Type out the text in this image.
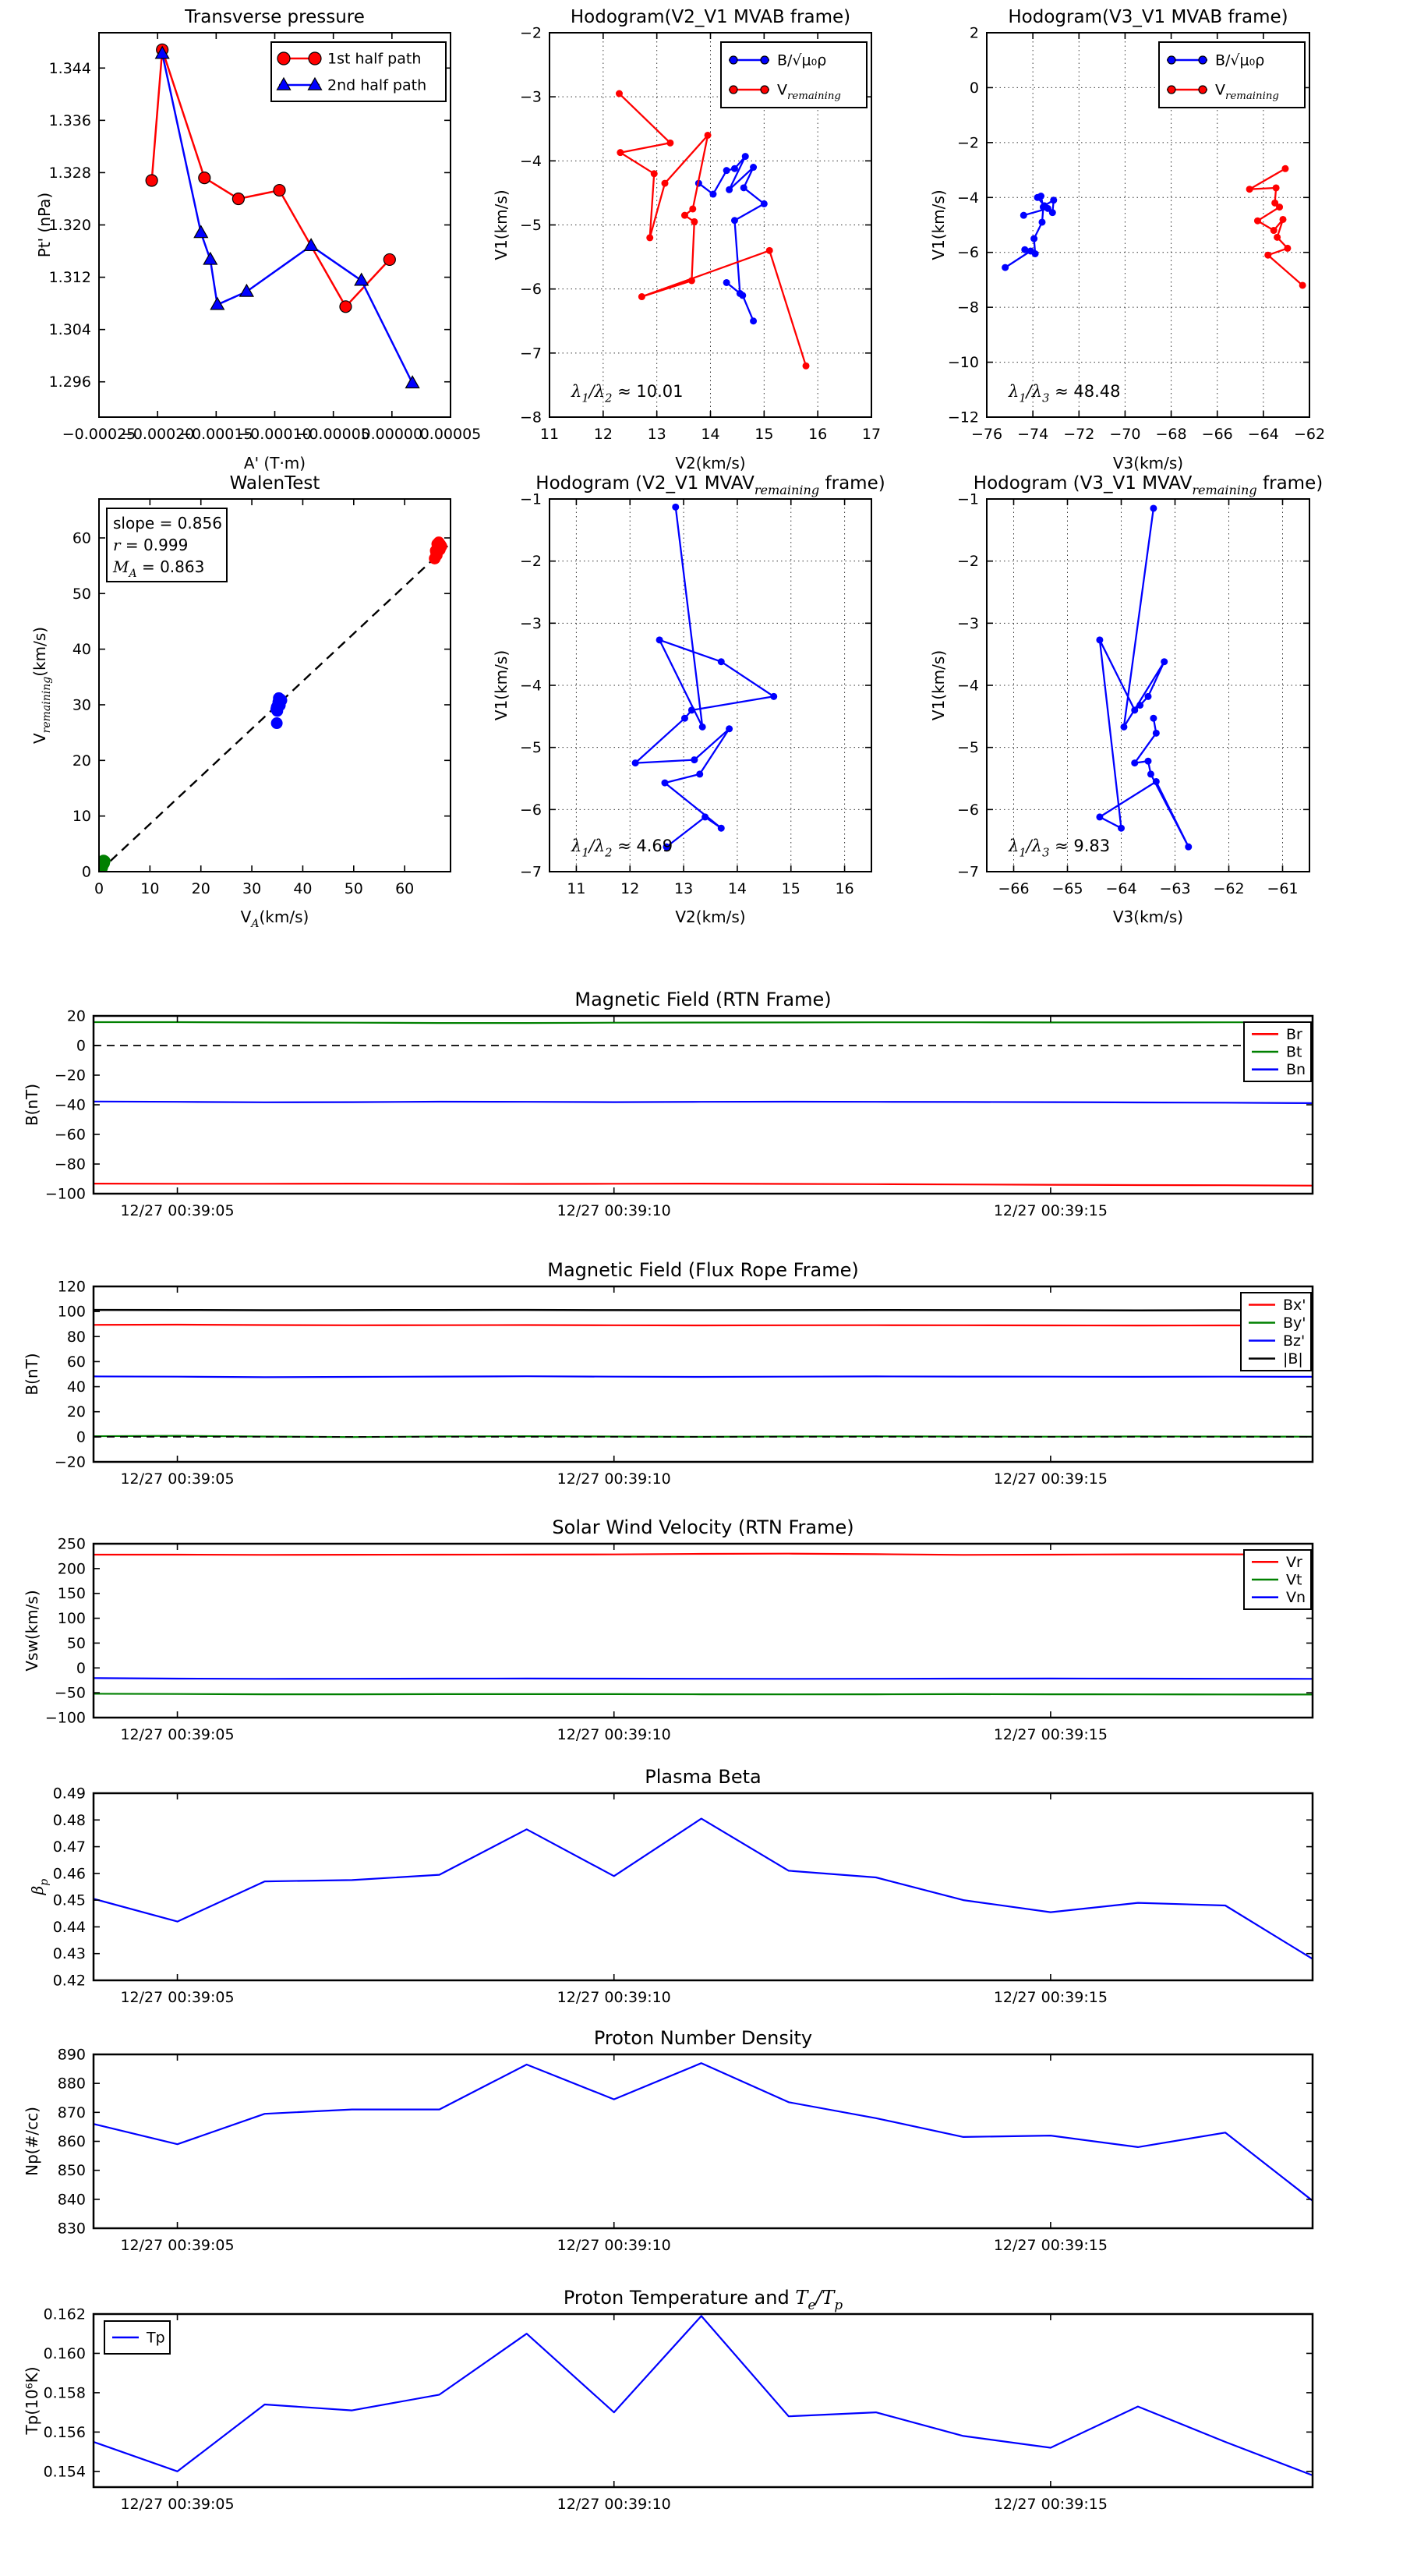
−0.00025
−0.00020
−0.00015
−0.00010
−0.00005
0.00000
0.00005
1.296
1.304
1.312
1.320
1.328
1.336
1.344
Transverse pressure
A' (T·m)
Pt' (nPa)
1st half path
2nd half path
11 12 13 14 15 16 17
−8
−7
−6
−5
−4
−3
−2
Hodogram(V2_V1 MVAB frame)
V2(km/s)
V1(km/s)
B/√μ₀ρ
$V_{remaining}$
$\lambda_1/\lambda_2 \approx 10.01$
−76 −74 −72 −70 −68 −66 −64 −62
−12
−10
−8
−6
−4
−2
0
2
Hodogram(V3_V1 MVAB frame)
V3(km/s)
V1(km/s)
B/√μ₀ρ
$V_{remaining}$
$\lambda_1/\lambda_3 \approx 48.48$
0 10 20 30 40 50 60
0
10
20
30
40
50
60
WalenTest
$V_A(km/s)$
$V_{remaining}(km/s)$
slope = 0.856
r = 0.999
$M_A = 0.863$
11 12 13 14 15 16
−7
−6
−5
−4
−3
−2
−1
Hodogram (V2_V1 $MVAV_{remaining}$ frame)
V2(km/s)
V1(km/s)
$\lambda_1/\lambda_2 \approx 4.69$
−66 −65 −64 −63 −62 −61
−7
−6
−5
−4
−3
−2
−1
Hodogram (V3_V1 $MVAV_{remaining}$ frame)
V3(km/s)
V1(km/s)
$\lambda_1/\lambda_3 \approx 9.83$
12/27 00:39:05	12/27 00:39:10	12/27 00:39:15
−100
−80
−60
−40
−20
0
20
Magnetic Field (RTN Frame)
B(nT)
Br
Bt
Bn
12/27 00:39:05	12/27 00:39:10	12/27 00:39:15
−20
0
20
40
60
80
100
120
Magnetic Field (Flux Rope Frame)
B(nT)
Bx'
By'
Bz'
|B|
12/27 00:39:05	12/27 00:39:10	12/27 00:39:15
−100
−50
0
50
100
150
200
250
Solar Wind Velocity (RTN Frame)
Vsw(km/s)
Vr
Vt
Vn
12/27 00:39:05	12/27 00:39:10	12/27 00:39:15
0.42
0.43
0.44
0.45
0.46
0.47
0.48
0.49
Plasma Beta
$\beta_p$
12/27 00:39:05	12/27 00:39:10	12/27 00:39:15
830
840
850
860
870
880
890
Proton Number Density
Np(#/cc)
12/27 00:39:05	12/27 00:39:10	12/27 00:39:15
0.154
0.156
0.158
0.160
0.162
Proton Temperature and $T_e/T_p$
Tp(10⁶K)
Tp
